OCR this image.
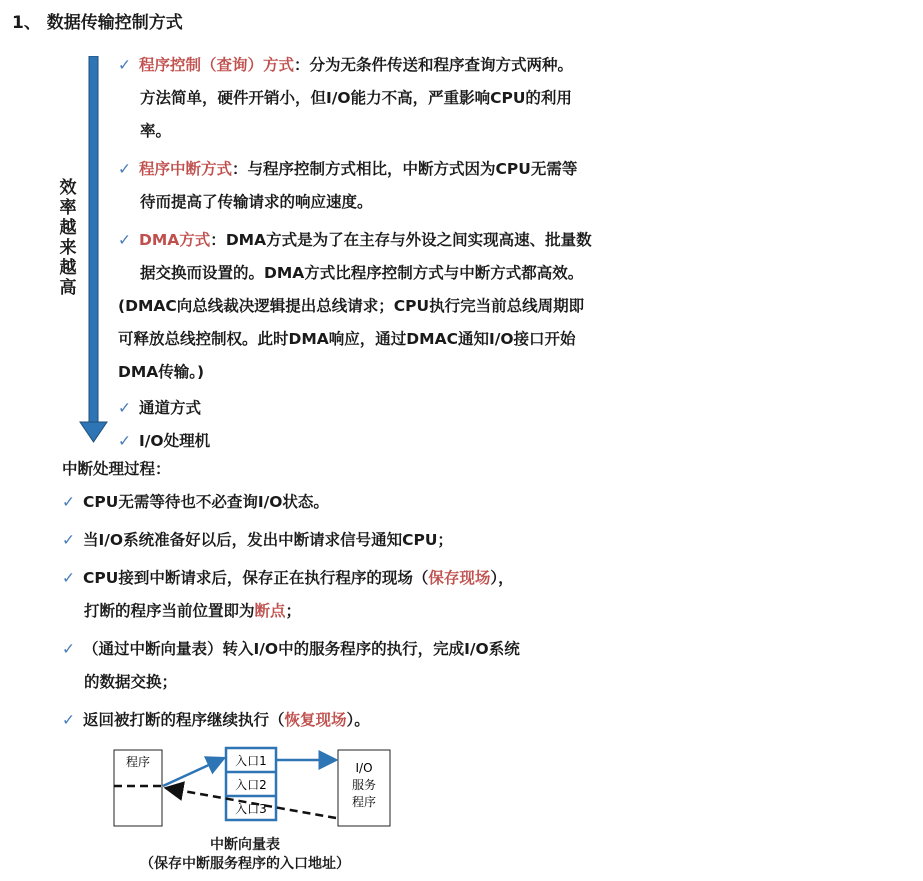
1、 数据传输控制方式
效率越来越高
✓ 程序控制（查询）方式：分为无条件传送和程序查询方式两种。
方法简单，硬件开销小，但I/O能力不高，严重影响CPU的利用
率。
✓ 程序中断方式：与程序控制方式相比，中断方式因为CPU无需等
待而提高了传输请求的响应速度。
✓ DMA方式：DMA方式是为了在主存与外设之间实现高速、批量数
据交换而设置的。DMA方式比程序控制方式与中断方式都高效。
(DMAC向总线裁决逻辑提出总线请求；CPU执行完当前总线周期即
可释放总线控制权。此时DMA响应，通过DMAC通知I/O接口开始
DMA传输。)
✓ 通道方式
✓ I/O处理机
中断处理过程：
✓ CPU无需等待也不必查询I/O状态。
✓ 当I/O系统准备好以后，发出中断请求信号通知CPU；
✓ CPU接到中断请求后，保存正在执行程序的现场（保存现场），
打断的程序当前位置即为断点；
✓ （通过中断向量表）转入I/O中的服务程序的执行，完成I/O系统
的数据交换；
✓ 返回被打断的程序继续执行（恢复现场）。
程序	入口1
入口2
入口3
I/O
服务
程序
中断向量表
（保存中断服务程序的入口地址）
